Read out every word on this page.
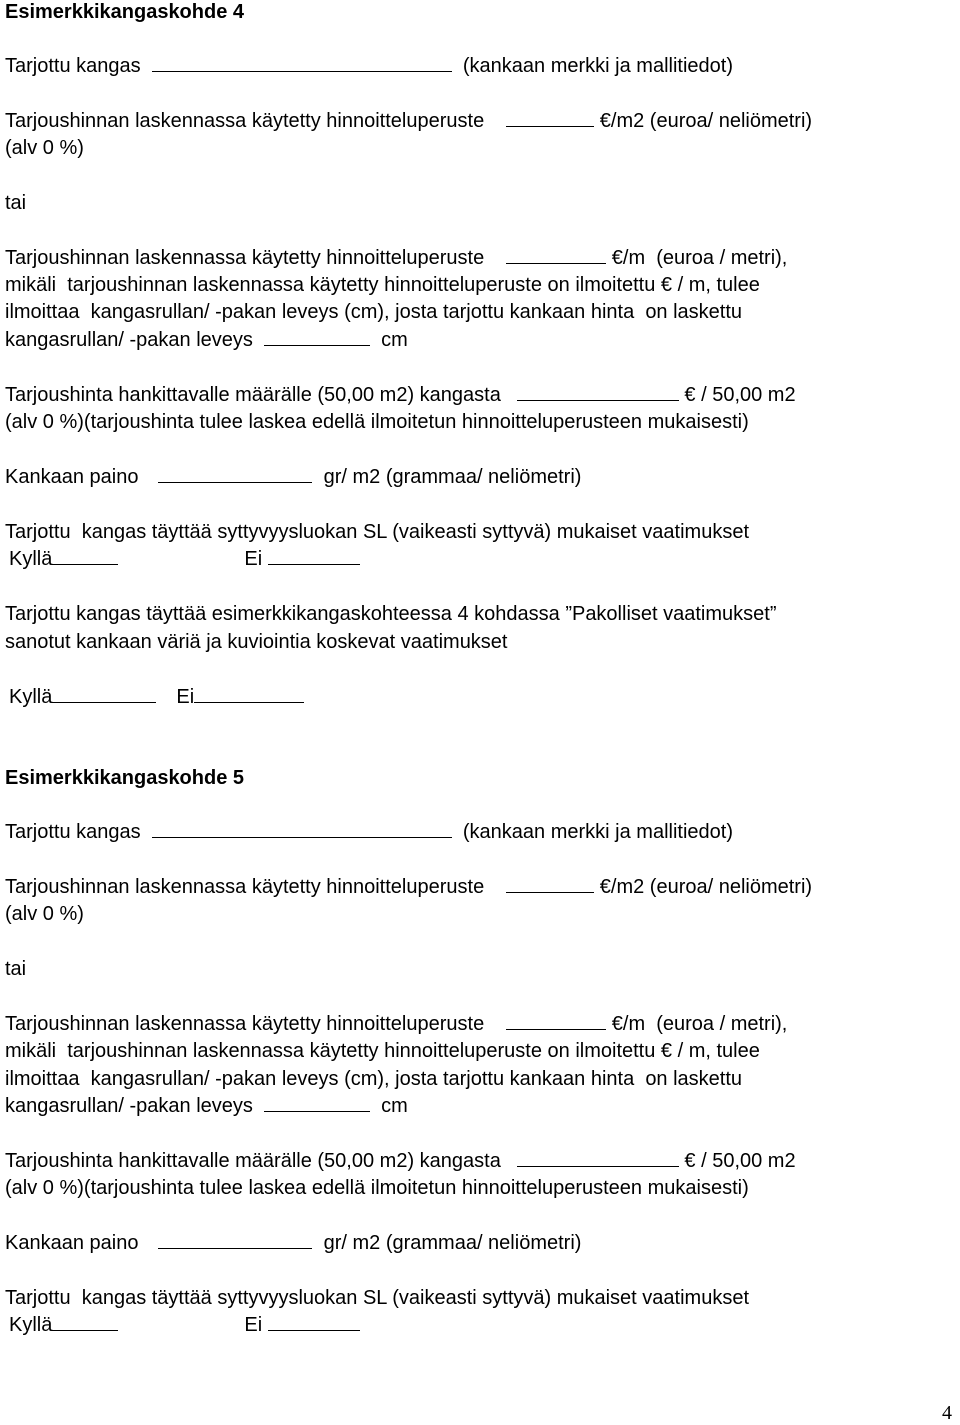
Esimerkkikangaskohde 4
Tarjottu kangas	(kankaan merkki ja mallitiedot)
Tarjoushinnan laskennassa käytetty hinnoitteluperuste	€/m2 (euroa/ neliömetri)
(alv 0 %)
tai
Tarjoushinnan laskennassa käytetty hinnoitteluperuste	€/m  (euroa / metri),
mikäli  tarjoushinnan laskennassa käytetty hinnoitteluperuste on ilmoitettu € / m, tulee
ilmoittaa  kangasrullan/ -pakan leveys (cm), josta tarjottu kankaan hinta  on laskettu
kangasrullan/ -pakan leveys	cm
Tarjoushinta hankittavalle määrälle (50,00 m2) kangasta	€ / 50,00 m2
(alv 0 %)(tarjoushinta tulee laskea edellä ilmoitetun hinnoitteluperusteen mukaisesti)
Kankaan paino	gr/ m2 (grammaa/ neliömetri)
Tarjottu  kangas täyttää syttyvyysluokan SL (vaikeasti syttyvä) mukaiset vaatimukset
Kyllä	Ei
Tarjottu kangas täyttää esimerkkikangaskohteessa 4 kohdassa ”Pakolliset vaatimukset”
sanotut kankaan väriä ja kuviointia koskevat vaatimukset
Kyllä	Ei
Esimerkkikangaskohde 5
Tarjottu kangas	(kankaan merkki ja mallitiedot)
Tarjoushinnan laskennassa käytetty hinnoitteluperuste	€/m2 (euroa/ neliömetri)
(alv 0 %)
tai
Tarjoushinnan laskennassa käytetty hinnoitteluperuste	€/m  (euroa / metri),
mikäli  tarjoushinnan laskennassa käytetty hinnoitteluperuste on ilmoitettu € / m, tulee
ilmoittaa  kangasrullan/ -pakan leveys (cm), josta tarjottu kankaan hinta  on laskettu
kangasrullan/ -pakan leveys	cm
Tarjoushinta hankittavalle määrälle (50,00 m2) kangasta	€ / 50,00 m2
(alv 0 %)(tarjoushinta tulee laskea edellä ilmoitetun hinnoitteluperusteen mukaisesti)
Kankaan paino	gr/ m2 (grammaa/ neliömetri)
Tarjottu  kangas täyttää syttyvyysluokan SL (vaikeasti syttyvä) mukaiset vaatimukset
Kyllä	Ei
4
